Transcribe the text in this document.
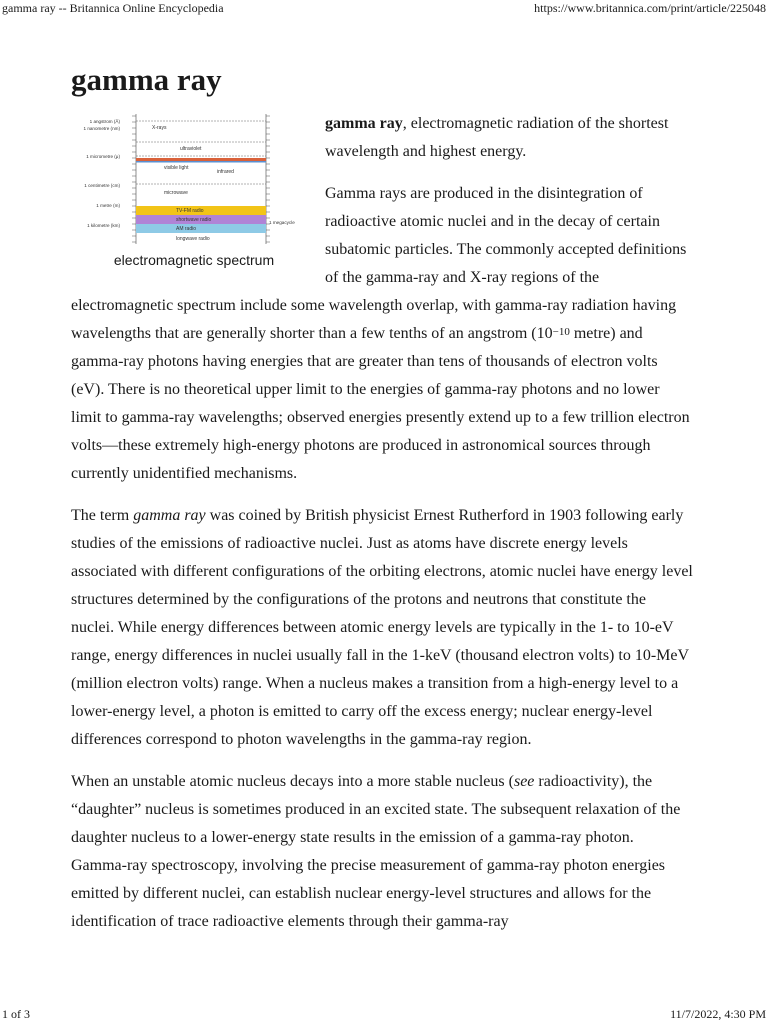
gamma ray -- Britannica Online Encyclopedia	https://www.britannica.com/print/article/225048
gamma ray
X-rays
ultraviolet
visible light
infrared
microwave
TV-FM radio
shortwave radio
AM radio
longwave radio
1 angstrom (Å)
1 nanometre (nm)
1 micrometre (μ)
1 centimetre (cm)
1 metre (m)
1 kilometre (km)
1 megacycle
electromagnetic spectrum

gamma ray, electromagnetic radiation of the shortest wavelength and highest energy.

Gamma rays are produced in the disintegration of radioactive atomic nuclei and in the decay of certain subatomic particles. The commonly accepted definitions of the gamma-ray and X-ray regions of the electromagnetic spectrum include some wavelength overlap, with gamma-ray radiation having wavelengths that are generally shorter than a few tenths of an angstrom ($10^{-10}$ metre) and gamma-ray photons having energies that are greater than tens of thousands of electron volts (eV). There is no theoretical upper limit to the energies of gamma-ray photons and no lower limit to gamma-ray wavelengths; observed energies presently extend up to a few trillion electron volts—these extremely high-energy photons are produced in astronomical sources through currently unidentified mechanisms.

The term gamma ray was coined by British physicist Ernest Rutherford in 1903 following early studies of the emissions of radioactive nuclei. Just as atoms have discrete energy levels associated with different configurations of the orbiting electrons, atomic nuclei have energy level structures determined by the configurations of the protons and neutrons that constitute the nuclei. While energy differences between atomic energy levels are typically in the 1- to 10-eV range, energy differences in nuclei usually fall in the 1-keV (thousand electron volts) to 10-MeV (million electron volts) range. When a nucleus makes a transition from a high-energy level to a lower-energy level, a photon is emitted to carry off the excess energy; nuclear energy-level differences correspond to photon wavelengths in the gamma-ray region.

When an unstable atomic nucleus decays into a more stable nucleus (see radioactivity), the “daughter” nucleus is sometimes produced in an excited state. The subsequent relaxation of the daughter nucleus to a lower-energy state results in the emission of a gamma-ray photon. Gamma-ray spectroscopy, involving the precise measurement of gamma-ray photon energies emitted by different nuclei, can establish nuclear energy-level structures and allows for the identification of trace radioactive elements through their gamma-ray

1 of 3	11/7/2022, 4:30 PM
